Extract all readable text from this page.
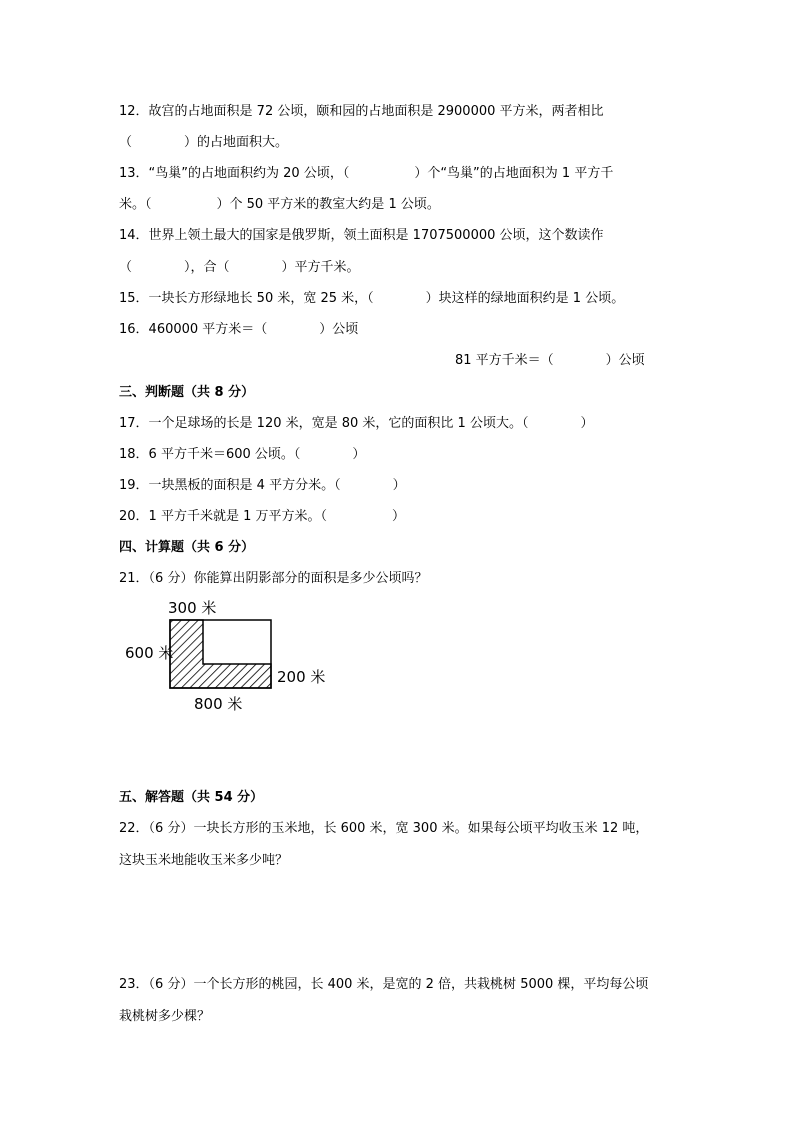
12．故宫的占地面积是 72 公顷，颐和园的占地面积是 2900000 平方米，两者相比
（　　　　）的占地面积大。
13．“鸟巢”的占地面积约为 20 公顷，（　　　　　）个“鸟巢”的占地面积为 1 平方千
米。（　　　　　）个 50 平方米的教室大约是 1 公顷。
14．世界上领土最大的国家是俄罗斯，领土面积是 1707500000 公顷，这个数读作
（　　　　），合（　　　　）平方千米。
15．一块长方形绿地长 50 米，宽 25 米，（　　　　）块这样的绿地面积约是 1 公顷。
16．460000 平方米＝（　　　　）公顷
81 平方千米＝（　　　　）公顷
三、判断题（共 8 分）
17．一个足球场的长是 120 米，宽是 80 米，它的面积比 1 公顷大。（　　　　）
18．6 平方千米＝600 公顷。（　　　　）
19．一块黑板的面积是 4 平方分米。（　　　　）
20．1 平方千米就是 1 万平方米。（　　　　　）
四、计算题（共 6 分）
21．（6 分）你能算出阴影部分的面积是多少公顷吗？
300 米
600 米
200 米
800 米
五、解答题（共 54 分）
22．（6 分）一块长方形的玉米地，长 600 米，宽 300 米。如果每公顷平均收玉米 12 吨，
这块玉米地能收玉米多少吨？
23．（6 分）一个长方形的桃园，长 400 米，是宽的 2 倍，共栽桃树 5000 棵，平均每公顷
栽桃树多少棵？
